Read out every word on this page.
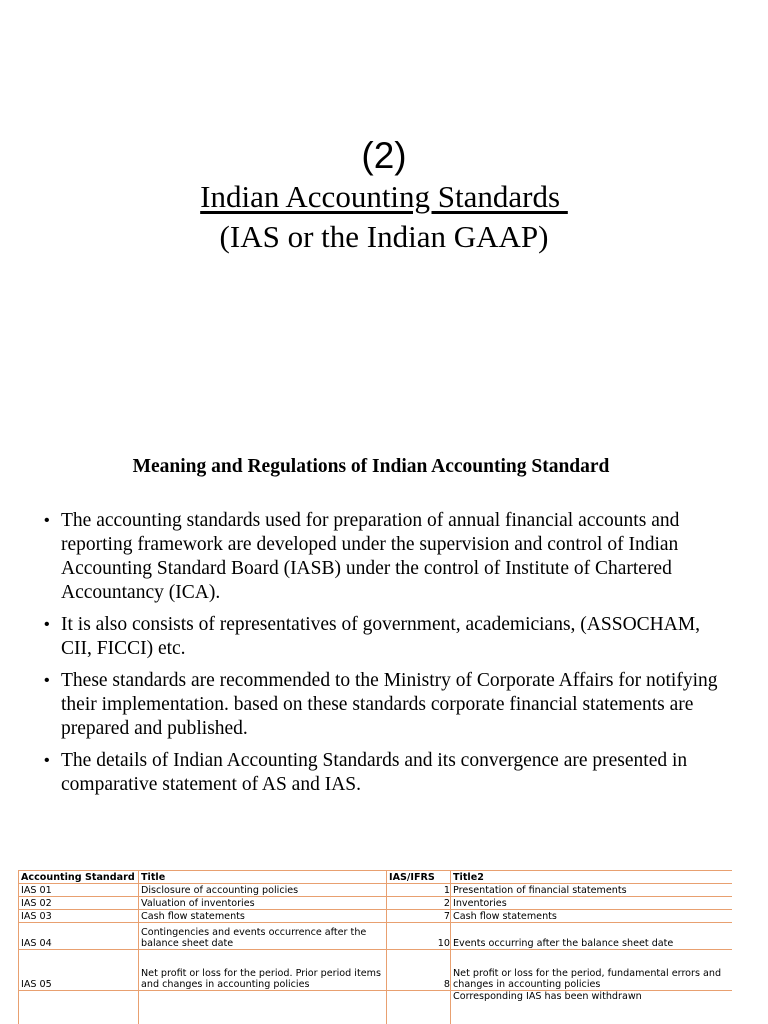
(2)
Indian Accounting Standards
(IAS or the Indian GAAP)
Meaning and Regulations of Indian Accounting Standard
• The accounting standards used for preparation of annual financial accounts and reporting framework are developed under the supervision and control of Indian Accounting Standard Board (IASB) under the control of Institute of Chartered Accountancy (ICA).
• It is also consists of representatives of government, academicians, (ASSOCHAM, CII, FICCI) etc.
• These standards are recommended to the Ministry of Corporate Affairs for notifying their implementation. based on these standards corporate financial statements are prepared and published.
• The details of Indian Accounting Standards and its convergence are presented in comparative statement of AS and IAS.
Accounting Standard	Title	IAS/IFRS	Title2
IAS 01	Disclosure of accounting policies	1	Presentation of financial statements
IAS 02	Valuation of inventories	2	Inventories
IAS 03	Cash flow statements	7	Cash flow statements
IAS 04	Contingencies and events occurrence after the balance sheet date	10	Events occurring after the balance sheet date
IAS 05	Net profit or loss for the period. Prior period items and changes in accounting policies	8	Net profit or loss for the period, fundamental errors and changes in accounting policies
			Corresponding IAS has been withdrawn
